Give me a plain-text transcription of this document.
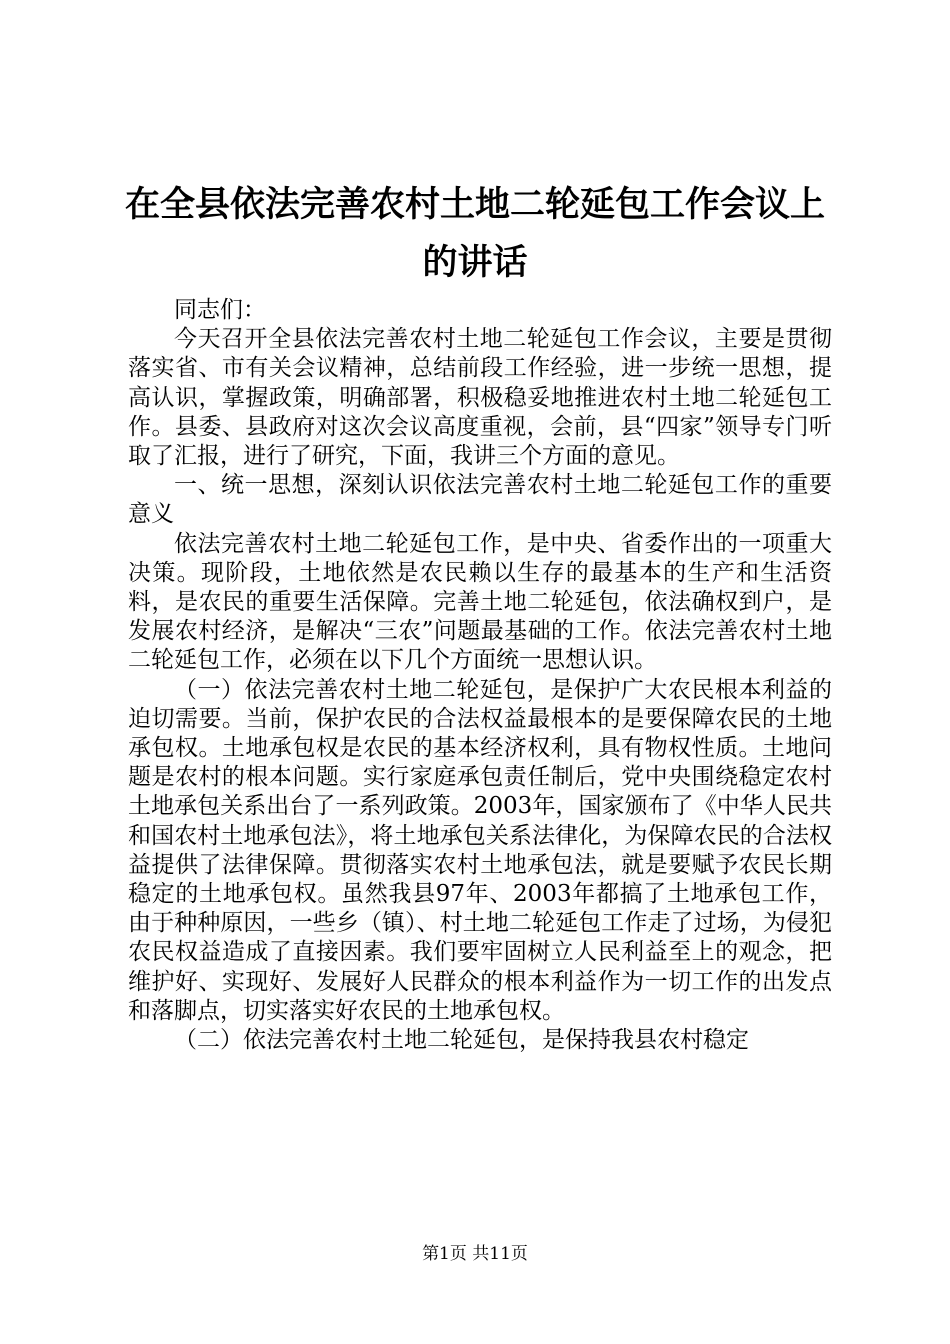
在全县依法完善农村土地二轮延包工作会议上
的讲话

同志们：

今天召开全县依法完善农村土地二轮延包工作会议，主要是贯彻落实省、市有关会议精神，总结前段工作经验，进一步统一思想，提高认识，掌握政策，明确部署，积极稳妥地推进农村土地二轮延包工作。县委、县政府对这次会议高度重视，会前，县“四家”领导专门听取了汇报，进行了研究，下面，我讲三个方面的意见。

一、统一思想，深刻认识依法完善农村土地二轮延包工作的重要意义

依法完善农村土地二轮延包工作，是中央、省委作出的一项重大决策。现阶段，土地依然是农民赖以生存的最基本的生产和生活资料，是农民的重要生活保障。完善土地二轮延包，依法确权到户，是发展农村经济，是解决“三农”问题最基础的工作。依法完善农村土地二轮延包工作，必须在以下几个方面统一思想认识。

（一）依法完善农村土地二轮延包，是保护广大农民根本利益的迫切需要。当前，保护农民的合法权益最根本的是要保障农民的土地承包权。土地承包权是农民的基本经济权利，具有物权性质。土地问题是农村的根本问题。实行家庭承包责任制后，党中央围绕稳定农村土地承包关系出台了一系列政策。2003年，国家颁布了《中华人民共和国农村土地承包法》，将土地承包关系法律化，为保障农民的合法权益提供了法律保障。贯彻落实农村土地承包法，就是要赋予农民长期稳定的土地承包权。虽然我县97年、2003年都搞了土地承包工作，由于种种原因，一些乡（镇）、村土地二轮延包工作走了过场，为侵犯农民权益造成了直接因素。我们要牢固树立人民利益至上的观念，把维护好、实现好、发展好人民群众的根本利益作为一切工作的出发点和落脚点，切实落实好农民的土地承包权。

（二）依法完善农村土地二轮延包，是保持我县农村稳定

第1页 共11页
